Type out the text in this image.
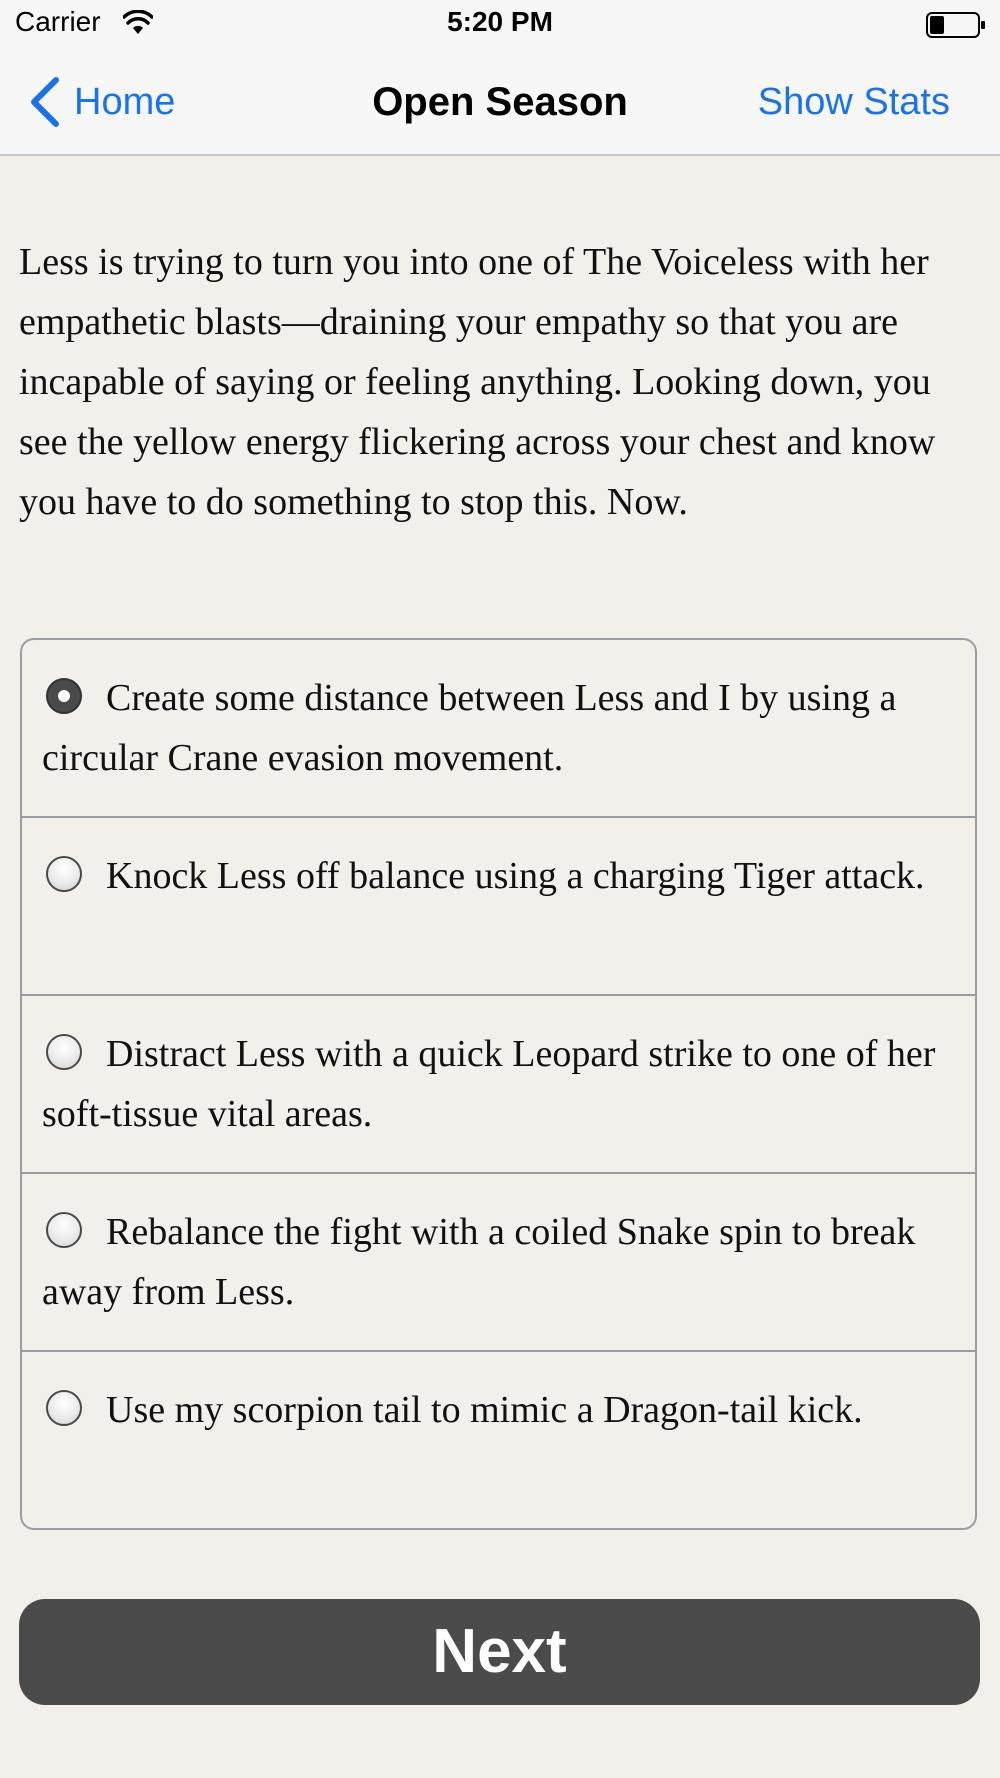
Carrier	5:20 PM
Home	Open Season	Show Stats

Less is trying to turn you into one of The Voiceless with her empathetic blasts—draining your empathy so that you are incapable of saying or feeling anything. Looking down, you see the yellow energy flickering across your chest and know you have to do something to stop this. Now.

Create some distance between Less and I by using a circular Crane evasion movement.

Knock Less off balance using a charging Tiger attack.

Distract Less with a quick Leopard strike to one of her soft-tissue vital areas.

Rebalance the fight with a coiled Snake spin to break away from Less.

Use my scorpion tail to mimic a Dragon-tail kick.

Next
